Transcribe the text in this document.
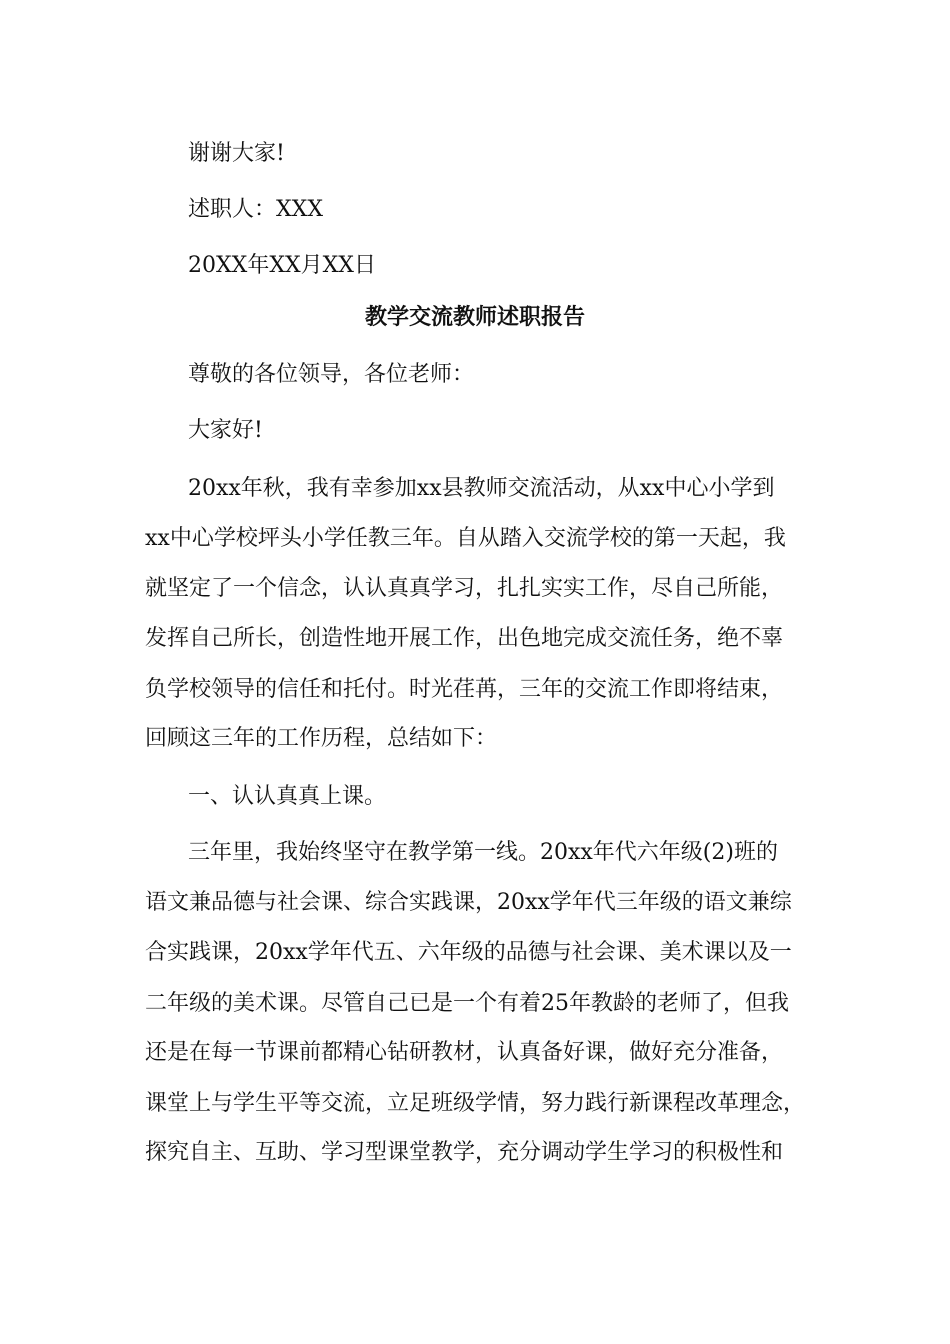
谢谢大家!
述职人：XXX
20XX年XX月XX日
教学交流教师述职报告
尊敬的各位领导，各位老师：
大家好!
20xx年秋，我有幸参加xx县教师交流活动，从xx中心小学到
xx中心学校坪头小学任教三年。自从踏入交流学校的第一天起，我
就坚定了一个信念，认认真真学习，扎扎实实工作，尽自己所能，
发挥自己所长，创造性地开展工作，出色地完成交流任务，绝不辜
负学校领导的信任和托付。时光荏苒，三年的交流工作即将结束，
回顾这三年的工作历程，总结如下：
一、认认真真上课。
三年里，我始终坚守在教学第一线。20xx年代六年级(2)班的
语文兼品德与社会课、综合实践课，20xx学年代三年级的语文兼综
合实践课，20xx学年代五、六年级的品德与社会课、美术课以及一
二年级的美术课。尽管自己已是一个有着25年教龄的老师了，但我
还是在每一节课前都精心钻研教材，认真备好课，做好充分准备，
课堂上与学生平等交流，立足班级学情，努力践行新课程改革理念，
探究自主、互助、学习型课堂教学，充分调动学生学习的积极性和
